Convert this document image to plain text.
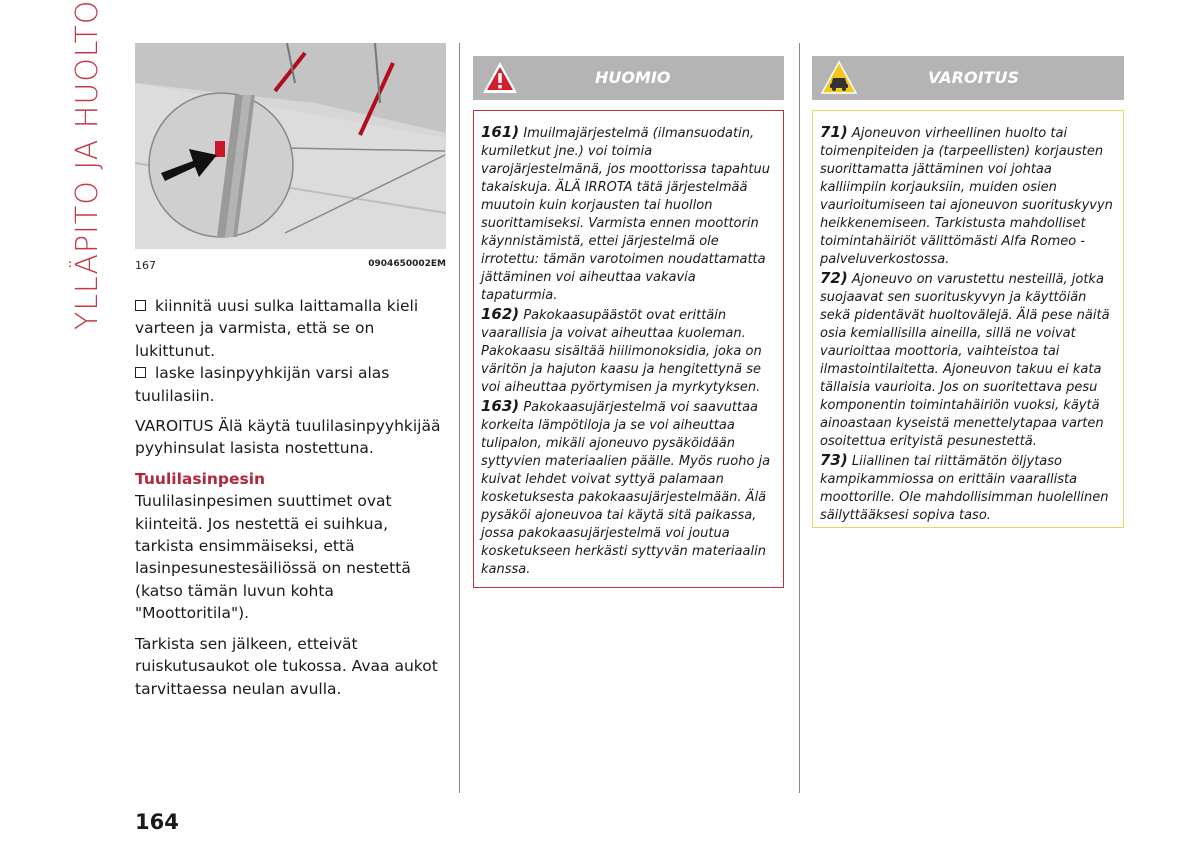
YLLÄPITO JA HUOLTO	167	0904650002EM

kiinnitä uusi sulka laittamalla kieli varteen ja varmista, että se on lukittunut.

laske lasinpyyhkijän varsi alas tuulilasiin.

VAROITUS Älä käytä tuulilasinpyyhkijää pyyhinsulat lasista nostettuna.

Tuulilasinpesin

Tuulilasinpesimen suuttimet ovat kiinteitä. Jos nestettä ei suihkua, tarkista ensimmäiseksi, että lasinpesunestesäiliössä on nestettä (katso tämän luvun kohta "Moottoritila").

Tarkista sen jälkeen, etteivät ruiskutusaukot ole tukossa. Avaa aukot tarvittaessa neulan avulla.

HUOMIO

161) Imuilmajärjestelmä (ilmansuodatin, kumiletkut jne.) voi toimia varojärjestelmänä, jos moottorissa tapahtuu takaiskuja. ÄLÄ IRROTA tätä järjestelmää muutoin kuin korjausten tai huollon suorittamiseksi. Varmista ennen moottorin käynnistämistä, ettei järjestelmä ole irrotettu: tämän varotoimen noudattamatta jättäminen voi aiheuttaa vakavia tapaturmia.

162) Pakokaasupäästöt ovat erittäin vaarallisia ja voivat aiheuttaa kuoleman. Pakokaasu sisältää hiilimonoksidia, joka on väritön ja hajuton kaasu ja hengitettynä se voi aiheuttaa pyörtymisen ja myrkytyksen.

163) Pakokaasujärjestelmä voi saavuttaa korkeita lämpötiloja ja se voi aiheuttaa tulipalon, mikäli ajoneuvo pysäköidään syttyvien materiaalien päälle. Myös ruoho ja kuivat lehdet voivat syttyä palamaan kosketuksesta pakokaasujärjestelmään. Älä pysäköi ajoneuvoa tai käytä sitä paikassa, jossa pakokaasujärjestelmä voi joutua kosketukseen herkästi syttyvän materiaalin kanssa.

VAROITUS

71) Ajoneuvon virheellinen huolto tai toimenpiteiden ja (tarpeellisten) korjausten suorittamatta jättäminen voi johtaa kalliimpiin korjauksiin, muiden osien vaurioitumiseen tai ajoneuvon suorituskyvyn heikkenemiseen. Tarkistusta mahdolliset toimintahäiriöt välittömästi Alfa Romeo -palveluverkostossa.

72) Ajoneuvo on varustettu nesteillä, jotka suojaavat sen suorituskyvyn ja käyttöiän sekä pidentävät huoltovälejä. Älä pese näitä osia kemiallisilla aineilla, sillä ne voivat vaurioittaa moottoria, vaihteistoa tai ilmastointilaitetta. Ajoneuvon takuu ei kata tällaisia vaurioita. Jos on suoritettava pesu komponentin toimintahäiriön vuoksi, käytä ainoastaan kyseistä menettelytapaa varten osoitettua erityistä pesunestettä.

73) Liiallinen tai riittämätön öljytaso kampikammiossa on erittäin vaarallista moottorille. Ole mahdollisimman huolellinen säilyttääksesi sopiva taso.

164
